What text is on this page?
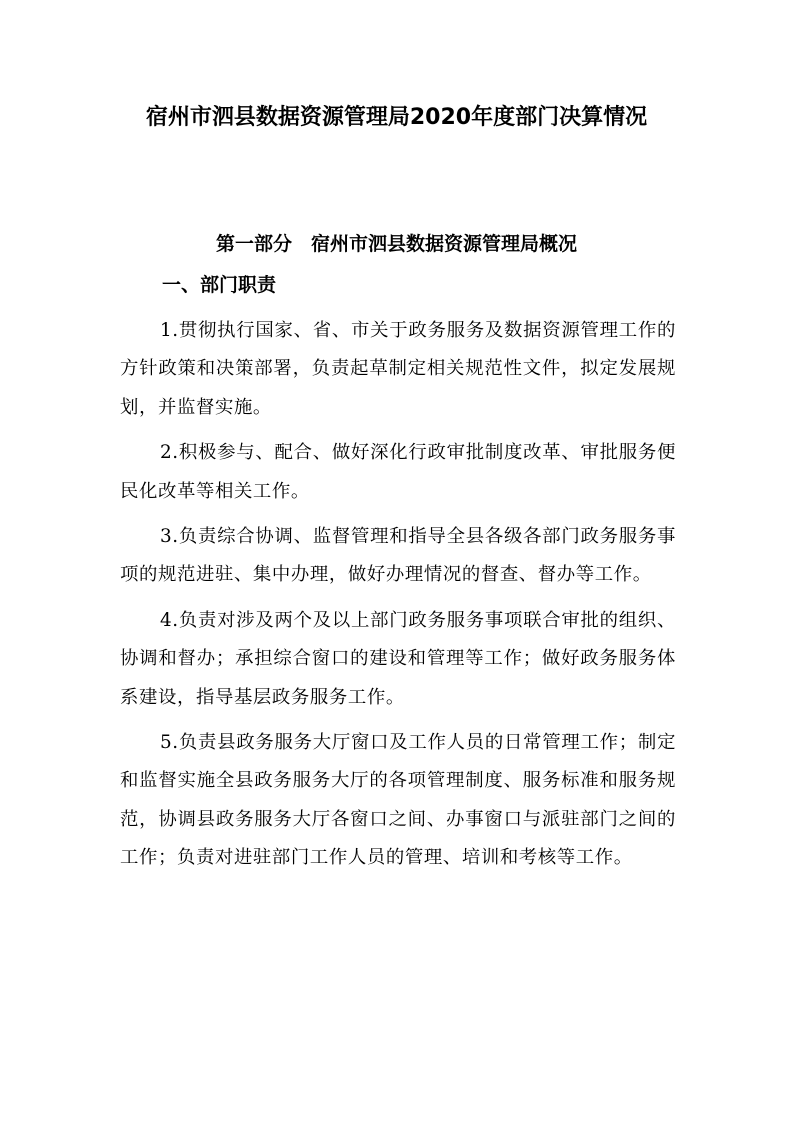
宿州市泗县数据资源管理局2020年度部门决算情况
第一部分　宿州市泗县数据资源管理局概况
一、部门职责

1.贯彻执行国家、省、市关于政务服务及数据资源管理工作的方针政策和决策部署，负责起草制定相关规范性文件，拟定发展规划，并监督实施。

2.积极参与、配合、做好深化行政审批制度改革、审批服务便民化改革等相关工作。

3.负责综合协调、监督管理和指导全县各级各部门政务服务事项的规范进驻、集中办理，做好办理情况的督查、督办等工作。

4.负责对涉及两个及以上部门政务服务事项联合审批的组织、协调和督办；承担综合窗口的建设和管理等工作；做好政务服务体系建设，指导基层政务服务工作。

5.负责县政务服务大厅窗口及工作人员的日常管理工作；制定和监督实施全县政务服务大厅的各项管理制度、服务标准和服务规范，协调县政务服务大厅各窗口之间、办事窗口与派驻部门之间的工作；负责对进驻部门工作人员的管理、培训和考核等工作。
